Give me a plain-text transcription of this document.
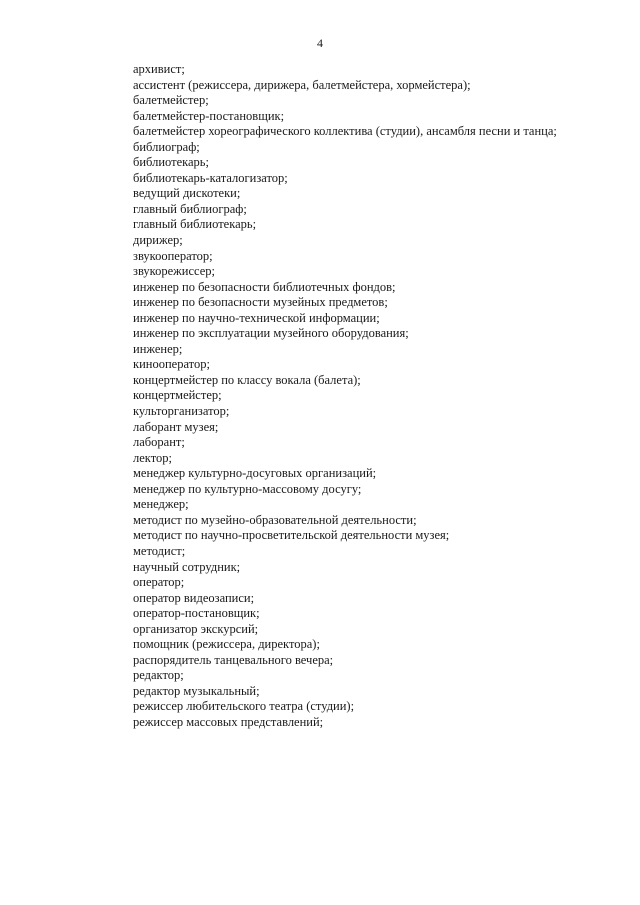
4
архивист;
ассистент (режиссера, дирижера, балетмейстера, хормейстера);
балетмейстер;
балетмейстер-постановщик;
балетмейстер хореографического коллектива (студии), ансамбля песни и танца;
библиограф;
библиотекарь;
библиотекарь-каталогизатор;
ведущий дискотеки;
главный библиограф;
главный библиотекарь;
дирижер;
звукооператор;
звукорежиссер;
инженер по безопасности библиотечных фондов;
инженер по безопасности музейных предметов;
инженер по научно-технической информации;
инженер по эксплуатации музейного оборудования;
инженер;
кинооператор;
концертмейстер по классу вокала (балета);
концертмейстер;
культорганизатор;
лаборант музея;
лаборант;
лектор;
менеджер культурно-досуговых организаций;
менеджер по культурно-массовому досугу;
менеджер;
методист по музейно-образовательной деятельности;
методист по научно-просветительской деятельности музея;
методист;
научный сотрудник;
оператор;
оператор видеозаписи;
оператор-постановщик;
организатор экскурсий;
помощник (режиссера, директора);
распорядитель танцевального вечера;
редактор;
редактор музыкальный;
режиссер любительского театра (студии);
режиссер массовых представлений;
